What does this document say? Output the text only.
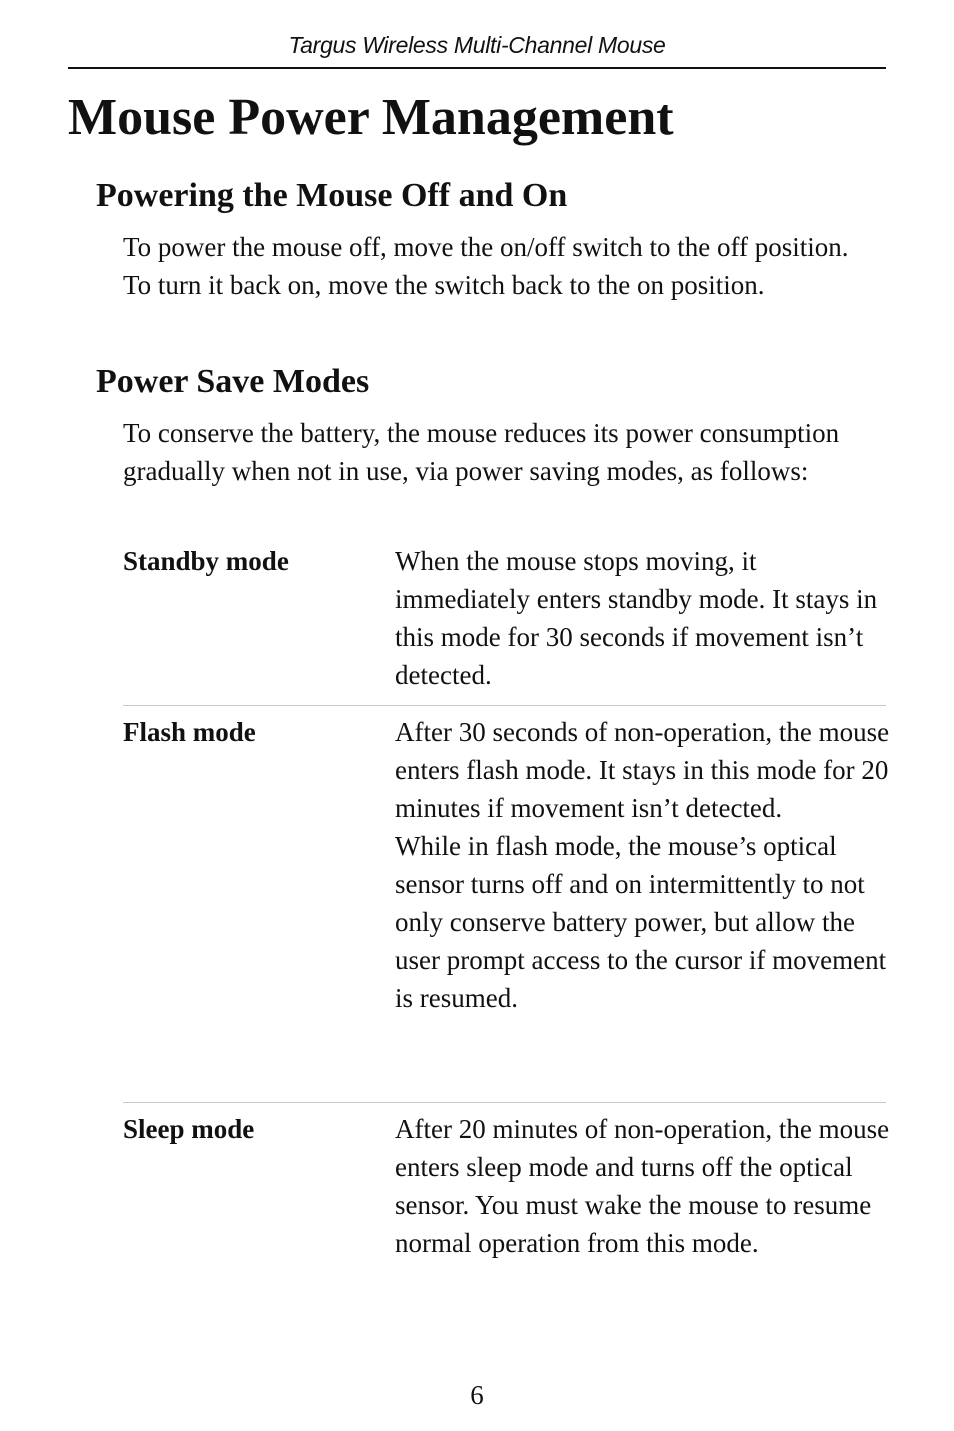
Targus Wireless Multi-Channel Mouse
Mouse Power Management
Powering the Mouse Off and On

To power the mouse off, move the on/off switch to the off position. To turn it back on, move the switch back to the on position.

Power Save Modes

To conserve the battery, the mouse reduces its power consumption gradually when not in use, via power saving modes, as follows:

Standby mode	When the mouse stops moving, it immediately enters standby mode. It stays in this mode for 30 seconds if movement isn’t detected.

Flash mode	After 30 seconds of non-operation, the mouse enters flash mode. It stays in this mode for 20 minutes if movement isn’t detected.

While in flash mode, the mouse’s optical sensor turns off and on intermittently to not only conserve battery power, but allow the user prompt access to the cursor if movement is resumed.

Sleep mode	After 20 minutes of non-operation, the mouse enters sleep mode and turns off the optical sensor. You must wake the mouse to resume normal operation from this mode.

6
